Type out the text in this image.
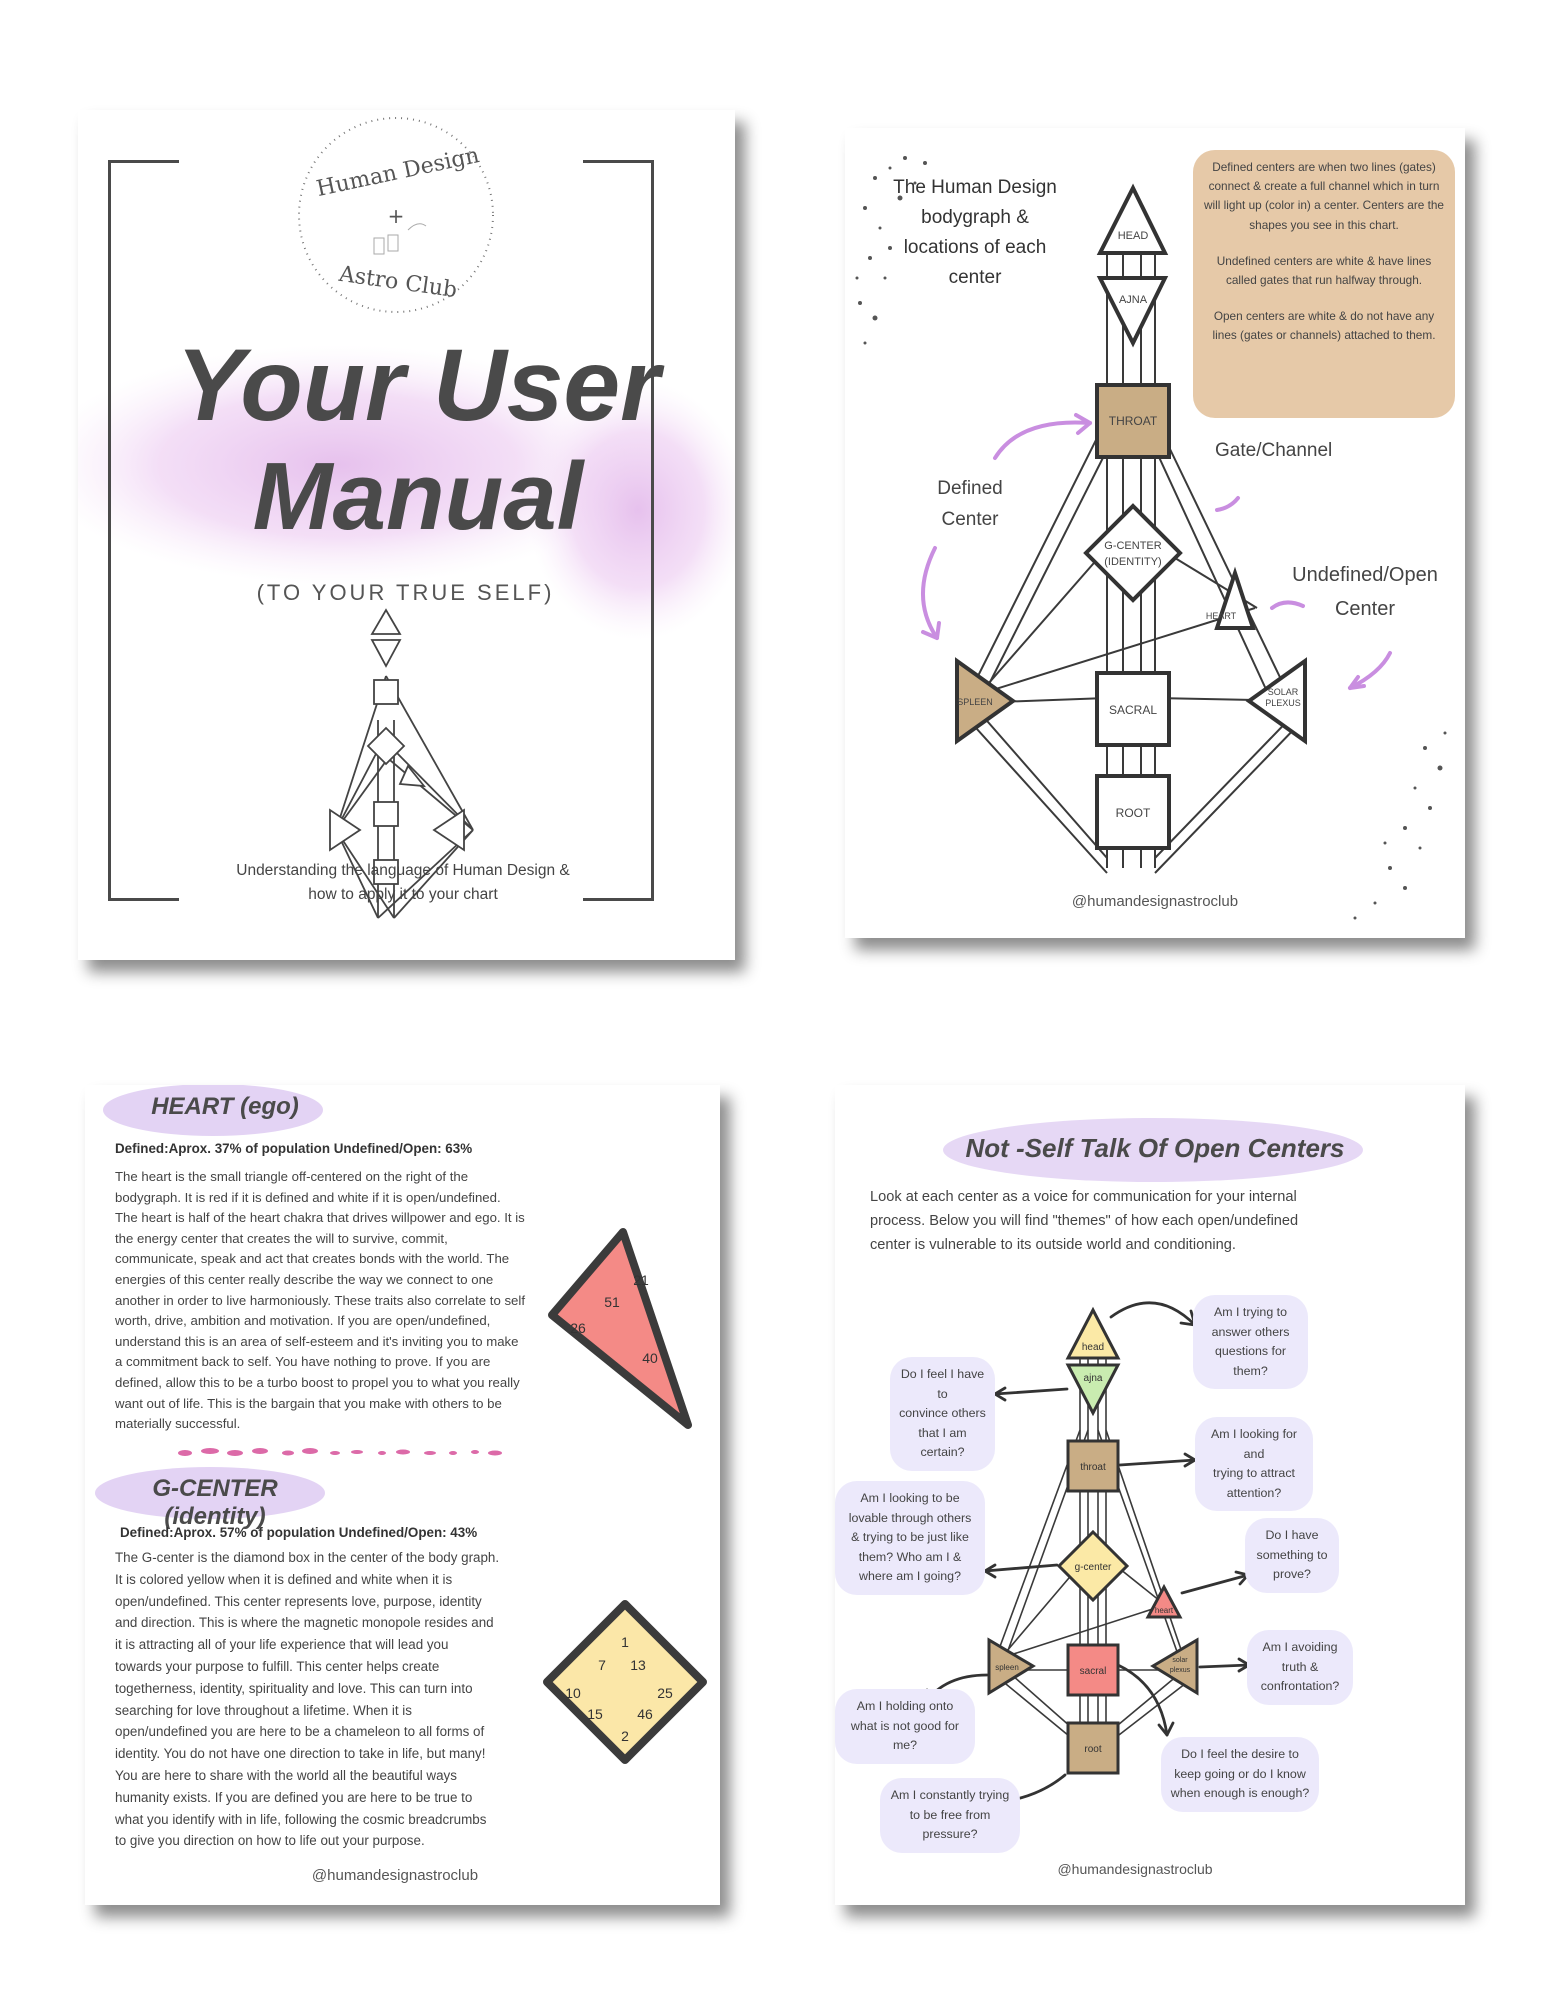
+
Human Design
Astro Club
Your User
Manual
(TO YOUR TRUE SELF)
Understanding the language of Human Design &
how to apply it to your chart
HEAD
AJNA
THROAT
G-CENTER
(IDENTITY)
HEART
SPLEEN
SACRAL
SOLAR
PLEXUS
ROOT
The Human Design
bodygraph &
locations of each
center
Defined centers are when two lines (gates) connect & create a full channel which in turn will light up (color in) a center. Centers are the shapes you see in this chart.
Undefined centers are white & have lines called gates that run halfway through.
Open centers are white & do not have any lines (gates or channels) attached to them.
Defined
Center
Gate/Channel
Undefined/Open
Center
@humandesignastroclub
21
51
26
40
1
7 13
10	25
15 46
2
HEART (ego)
Defined:Aprox. 37% of population Undefined/Open: 63%
The heart is the small triangle off-centered on the right of the
bodygraph. It is red if it is defined and white if it is open/undefined.
The heart is half of the heart chakra that drives willpower and ego. It is
the energy center that creates the will to survive, commit,
communicate, speak and act that creates bonds with the world. The
energies of this center really describe the way we connect to one
another in order to live harmoniously. These traits also correlate to self
worth, drive, ambition and motivation. If you are open/undefined,
understand this is an area of self-esteem and it's inviting you to make
a commitment back to self. You have nothing to prove. If you are
defined, allow this to be a turbo boost to propel you to what you really
want out of life. This is the bargain that you make with others to be
materially successful.
G-CENTER (identity)
Defined:Aprox. 57% of population Undefined/Open: 43%
The G-center is the diamond box in the center of the body graph.
It is colored yellow when it is defined and white when it is
open/undefined. This center represents love, purpose, identity
and direction. This is where the magnetic monopole resides and
it is attracting all of your life experience that will lead you
towards your purpose to fulfill. This center helps create
togetherness, identity, spirituality and love. This can turn into
searching for love throughout a lifetime. When it is
open/undefined you are here to be a chameleon to all forms of
identity. You do not have one direction to take in life, but many!
You are here to share with the world all the beautiful ways
humanity exists. If you are defined you are here to be true to
what you identify with in life, following the cosmic breadcrumbs
to give you direction on how to life out your purpose.
@humandesignastroclub
head
ajna
throat
g-center
heart
spleen	sacral
solar
plexus
root
Not -Self Talk Of Open Centers
Look at each center as a voice for communication for your internal
process. Below you will find "themes" of how each open/undefined
center is vulnerable to its outside world and conditioning.
Am I trying to
answer others
questions for them?
Do I feel I have to
convince others
that I am certain?
Am I looking for and
trying to attract
attention?
Am I looking to be
lovable through others
& trying to be just like
them? Who am I &
where am I going?
Do I have
something to
prove?
Am I avoiding
truth &
confrontation?
Am I holding onto
what is not good for
me?
Do I feel the desire to
keep going or do I know
when enough is enough?
Am I constantly trying
to be free from
pressure?
@humandesignastroclub
